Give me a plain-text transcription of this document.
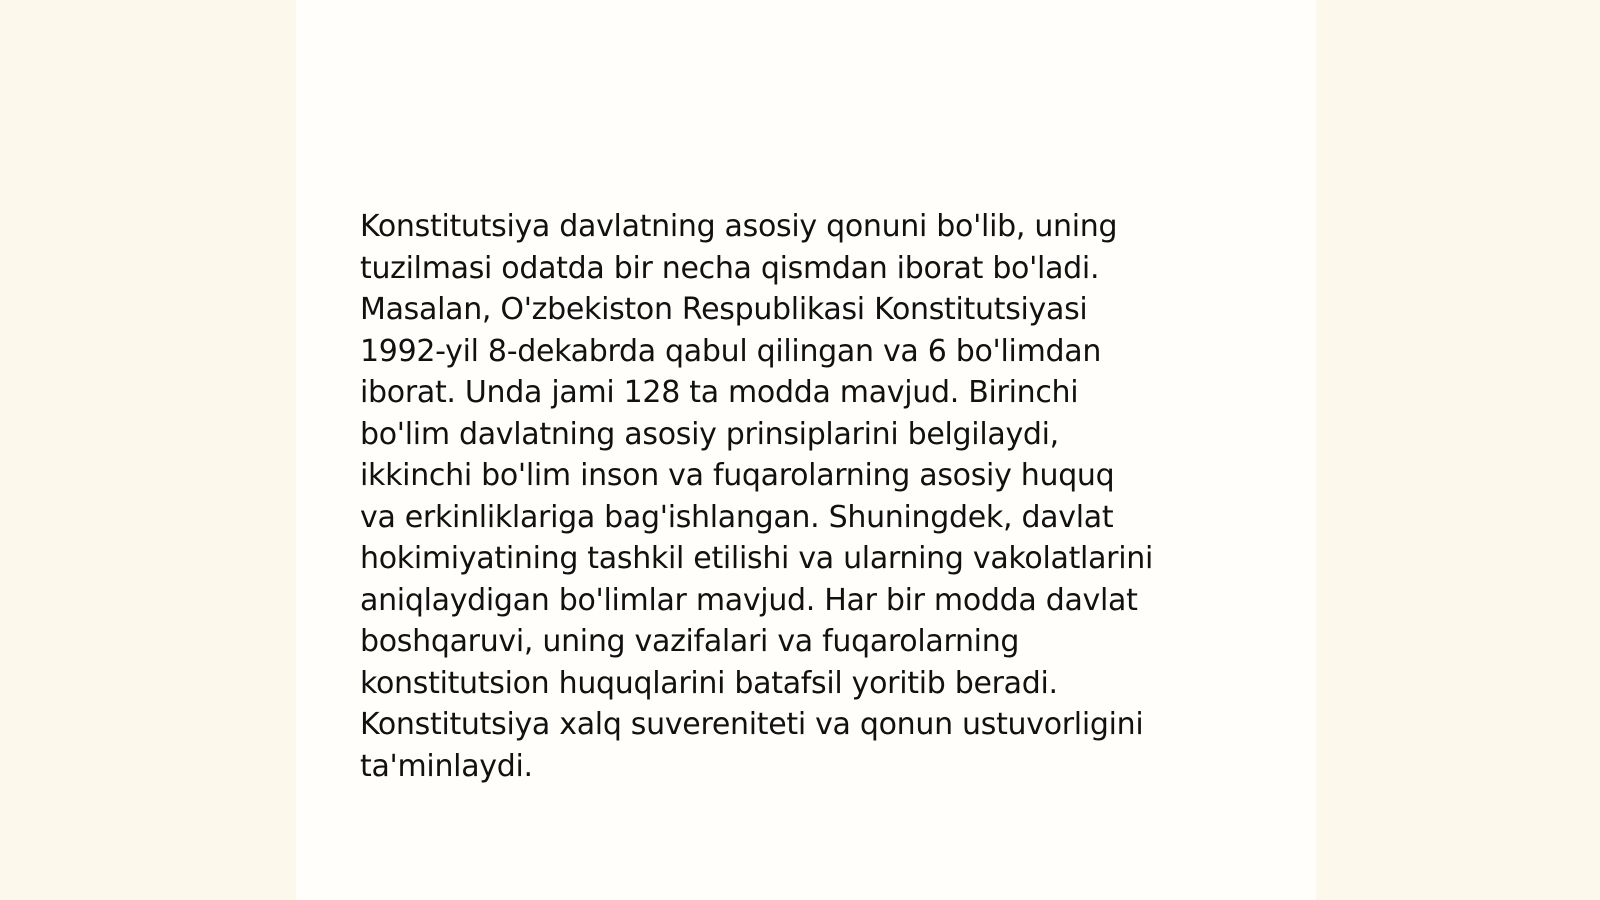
Konstitutsiya davlatning asosiy qonuni bo'lib, uning
tuzilmasi odatda bir necha qismdan iborat bo'ladi.
Masalan, O'zbekiston Respublikasi Konstitutsiyasi
1992-yil 8-dekabrda qabul qilingan va 6 bo'limdan
iborat. Unda jami 128 ta modda mavjud. Birinchi
bo'lim davlatning asosiy prinsiplarini belgilaydi,
ikkinchi bo'lim inson va fuqarolarning asosiy huquq
va erkinliklariga bag'ishlangan. Shuningdek, davlat
hokimiyatining tashkil etilishi va ularning vakolatlarini
aniqlaydigan bo'limlar mavjud. Har bir modda davlat
boshqaruvi, uning vazifalari va fuqarolarning
konstitutsion huquqlarini batafsil yoritib beradi.
Konstitutsiya xalq suvereniteti va qonun ustuvorligini
ta'minlaydi.
